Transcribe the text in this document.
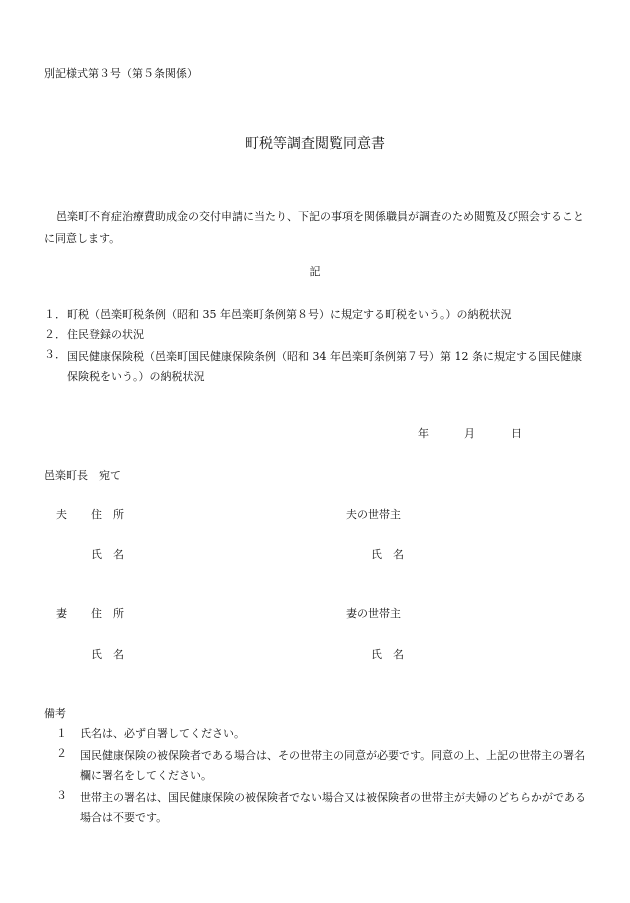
別記様式第３号（第５条関係）

町税等調査閲覧同意書

邑楽町不育症治療費助成金の交付申請に当たり、下記の事項を関係職員が調査のため閲覧及び照会することに同意します。

記

１． 町税（邑楽町税条例（昭和 35 年邑楽町条例第８号）に規定する町税をいう。）の納税状況
２． 住民登録の状況
３． 国民健康保険税（邑楽町国民健康保険条例（昭和 34 年邑楽町条例第７号）第 12 条に規定する国民健康保険税をいう。）の納税状況
年	月	日

邑楽町長　宛て

夫 住　所	夫の世帯主
氏　名	氏　名
妻 住　所	妻の世帯主
氏　名	氏　名
備考
１ 氏名は、必ず自署してください。
２ 国民健康保険の被保険者である場合は、その世帯主の同意が必要です。同意の上、上記の世帯主の署名欄に署名をしてください。
３ 世帯主の署名は、国民健康保険の被保険者でない場合又は被保険者の世帯主が夫婦のどちらかがである場合は不要です。
